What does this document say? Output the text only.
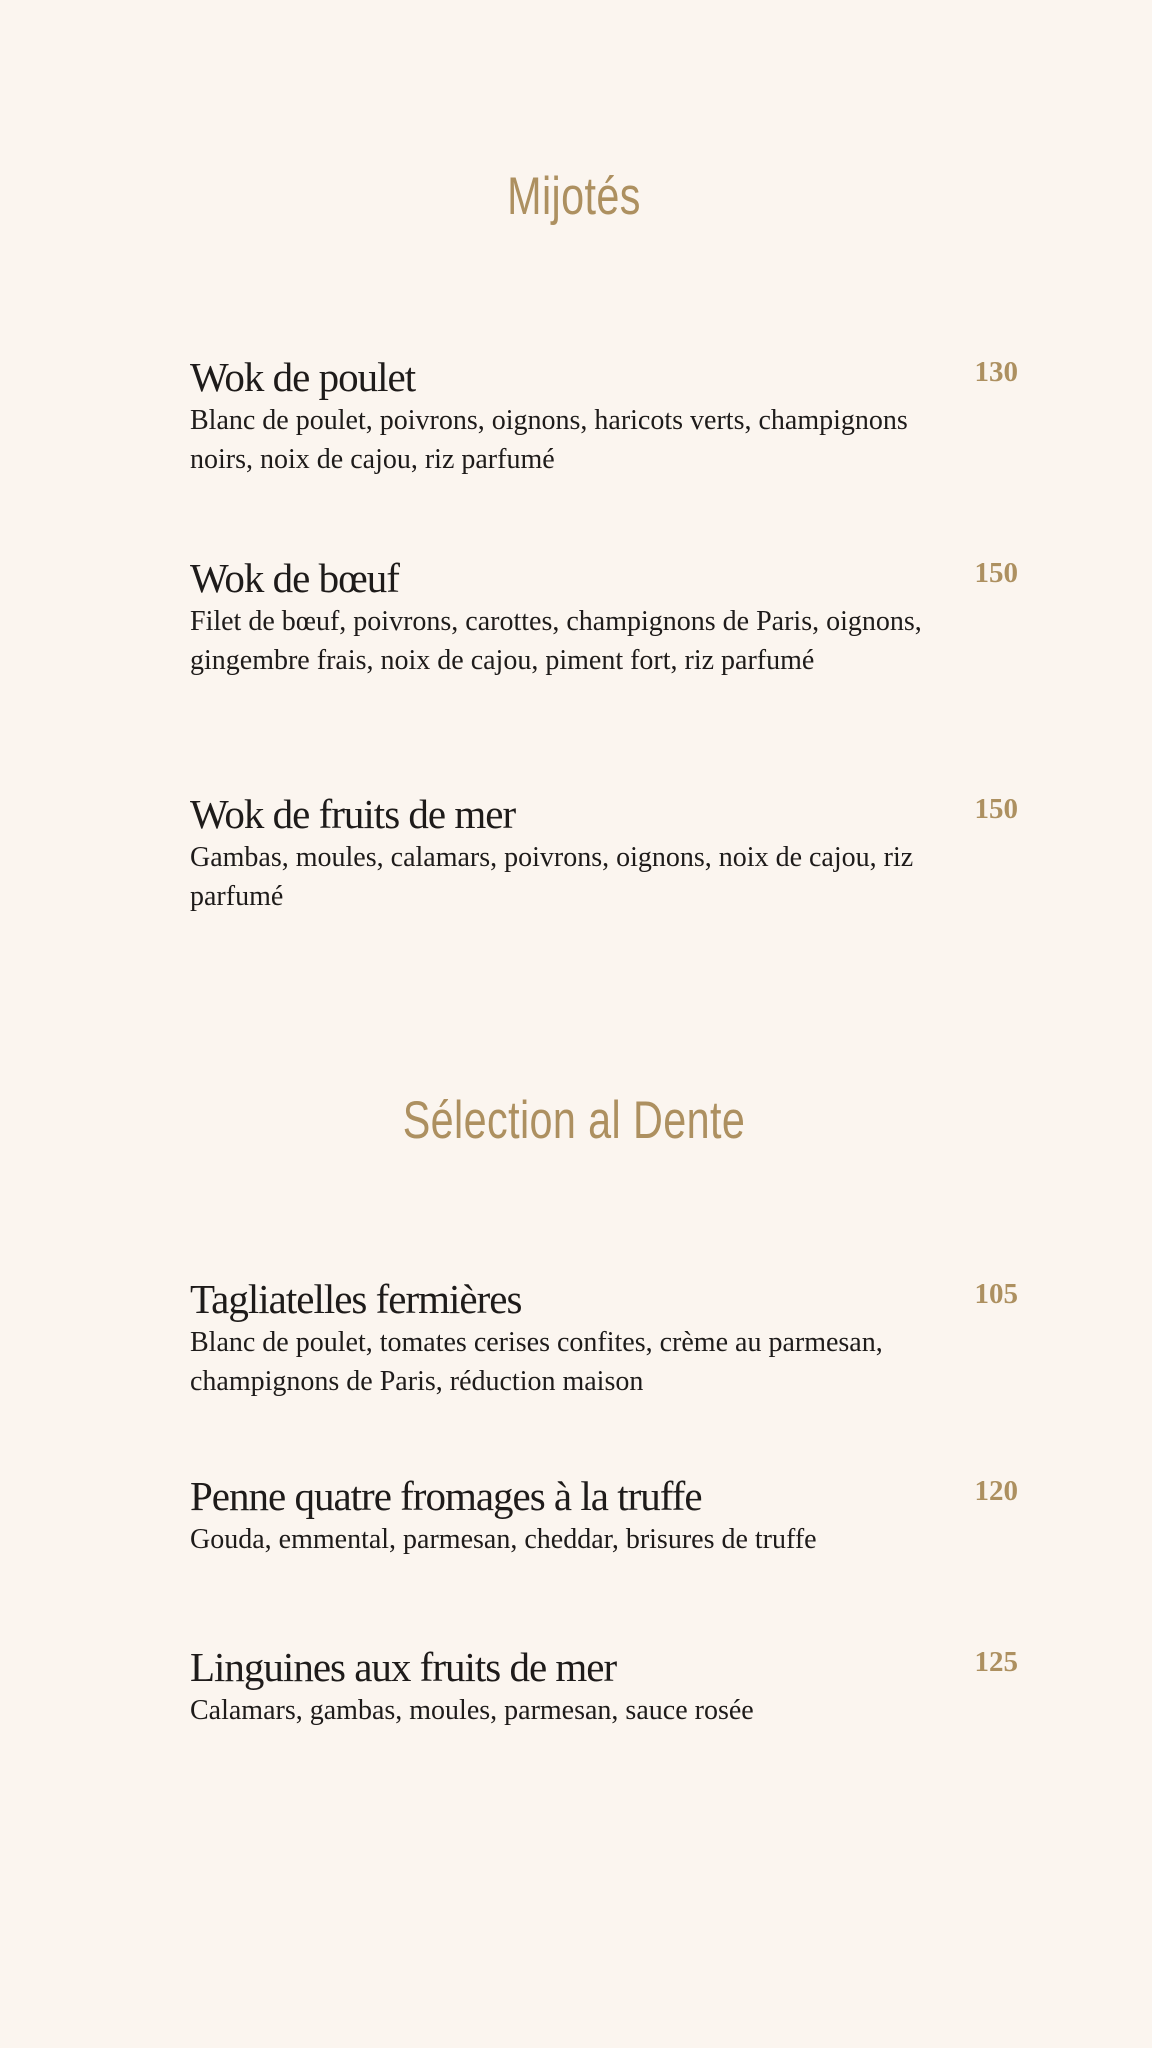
Mijotés
Wok de poulet
Blanc de poulet, poivrons, oignons, haricots verts, champignons noirs, noix de cajou, riz parfumé
130
Wok de bœuf
Filet de bœuf, poivrons, carottes, champignons de Paris, oignons, gingembre frais, noix de cajou, piment fort, riz parfumé
150
Wok de fruits de mer
Gambas, moules, calamars, poivrons, oignons, noix de cajou, riz parfumé
150
Sélection al Dente
Tagliatelles fermières
Blanc de poulet, tomates cerises confites, crème au parmesan, champignons de Paris, réduction maison
105
Penne quatre fromages à la truffe
Gouda, emmental, parmesan, cheddar, brisures de truffe
120
Linguines aux fruits de mer
Calamars, gambas, moules, parmesan, sauce rosée
125
